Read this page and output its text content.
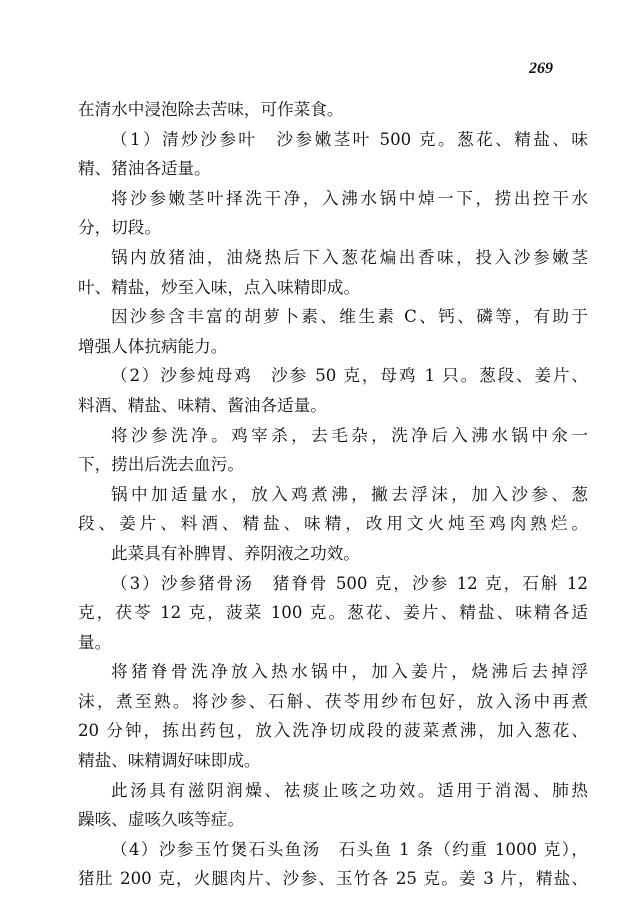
269
在清水中浸泡除去苦味，可作菜食。
（1）清炒沙参叶　沙参嫩茎叶 500 克。葱花、精盐、味
精、猪油各适量。
将沙参嫩茎叶择洗干净，入沸水锅中焯一下，捞出控干水
分，切段。
锅内放猪油，油烧热后下入葱花煸出香味，投入沙参嫩茎
叶、精盐，炒至入味，点入味精即成。
因沙参含丰富的胡萝卜素、维生素 C、钙、磷等，有助于
增强人体抗病能力。
（2）沙参炖母鸡　沙参 50 克，母鸡 1 只。葱段、姜片、
料酒、精盐、味精、酱油各适量。
将沙参洗净。鸡宰杀，去毛杂，洗净后入沸水锅中氽一
下，捞出后洗去血污。
锅中加适量水，放入鸡煮沸，撇去浮沫，加入沙参、葱
段、姜片、料酒、精盐、味精，改用文火炖至鸡肉熟烂。
此菜具有补脾胃、养阴液之功效。
（3）沙参猪骨汤　猪脊骨 500 克，沙参 12 克，石斛 12
克，茯苓 12 克，菠菜 100 克。葱花、姜片、精盐、味精各适
量。
将猪脊骨洗净放入热水锅中，加入姜片，烧沸后去掉浮
沫，煮至熟。将沙参、石斛、茯苓用纱布包好，放入汤中再煮
20 分钟，拣出药包，放入洗净切成段的菠菜煮沸，加入葱花、
精盐、味精调好味即成。
此汤具有滋阴润燥、祛痰止咳之功效。适用于消渴、肺热
躁咳、虚咳久咳等症。
（4）沙参玉竹煲石头鱼汤　石头鱼 1 条（约重 1000 克），
猪肚 200 克，火腿肉片、沙参、玉竹各 25 克。姜 3 片，精盐、
